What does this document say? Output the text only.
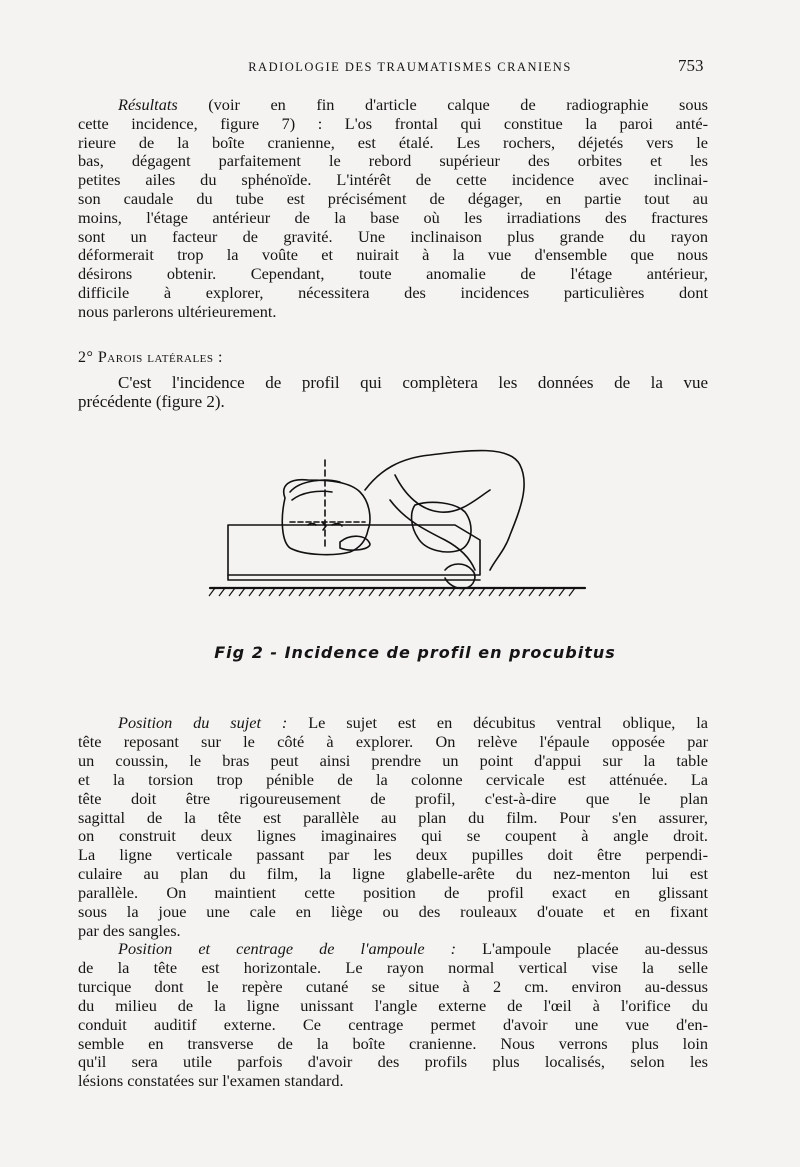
RADIOLOGIE DES TRAUMATISMES CRANIENS	753

Résultats (voir en fin d'article calque de radiographie sous
cette incidence, figure 7) : L'os frontal qui constitue la paroi anté-
rieure de la boîte cranienne, est étalé. Les rochers, déjetés vers le
bas, dégagent parfaitement le rebord supérieur des orbites et les
petites ailes du sphénoïde. L'intérêt de cette incidence avec inclinai-
son caudale du tube est précisément de dégager, en partie tout au
moins, l'étage antérieur de la base où les irradiations des fractures
sont un facteur de gravité. Une inclinaison plus grande du rayon
déformerait trop la voûte et nuirait à la vue d'ensemble que nous
désirons obtenir. Cependant, toute anomalie de l'étage antérieur,
difficile à explorer, nécessitera des incidences particulières dont
nous parlerons ultérieurement.

2° Parois latérales :

C'est l'incidence de profil qui complètera les données de la vue
précédente (figure 2).

Fig 2 - Incidence de profil en procubitus

Position du sujet : Le sujet est en décubitus ventral oblique, la
tête reposant sur le côté à explorer. On relève l'épaule opposée par
un coussin, le bras peut ainsi prendre un point d'appui sur la table
et la torsion trop pénible de la colonne cervicale est atténuée. La
tête doit être rigoureusement de profil, c'est-à-dire que le plan
sagittal de la tête est parallèle au plan du film. Pour s'en assurer,
on construit deux lignes imaginaires qui se coupent à angle droit.
La ligne verticale passant par les deux pupilles doit être perpendi-
culaire au plan du film, la ligne glabelle-arête du nez-menton lui est
parallèle. On maintient cette position de profil exact en glissant
sous la joue une cale en liège ou des rouleaux d'ouate et en fixant
par des sangles.

Position et centrage de l'ampoule : L'ampoule placée au-dessus
de la tête est horizontale. Le rayon normal vertical vise la selle
turcique dont le repère cutané se situe à 2 cm. environ au-dessus
du milieu de la ligne unissant l'angle externe de l'œil à l'orifice du
conduit auditif externe. Ce centrage permet d'avoir une vue d'en-
semble en transverse de la boîte cranienne. Nous verrons plus loin
qu'il sera utile parfois d'avoir des profils plus localisés, selon les
lésions constatées sur l'examen standard.
